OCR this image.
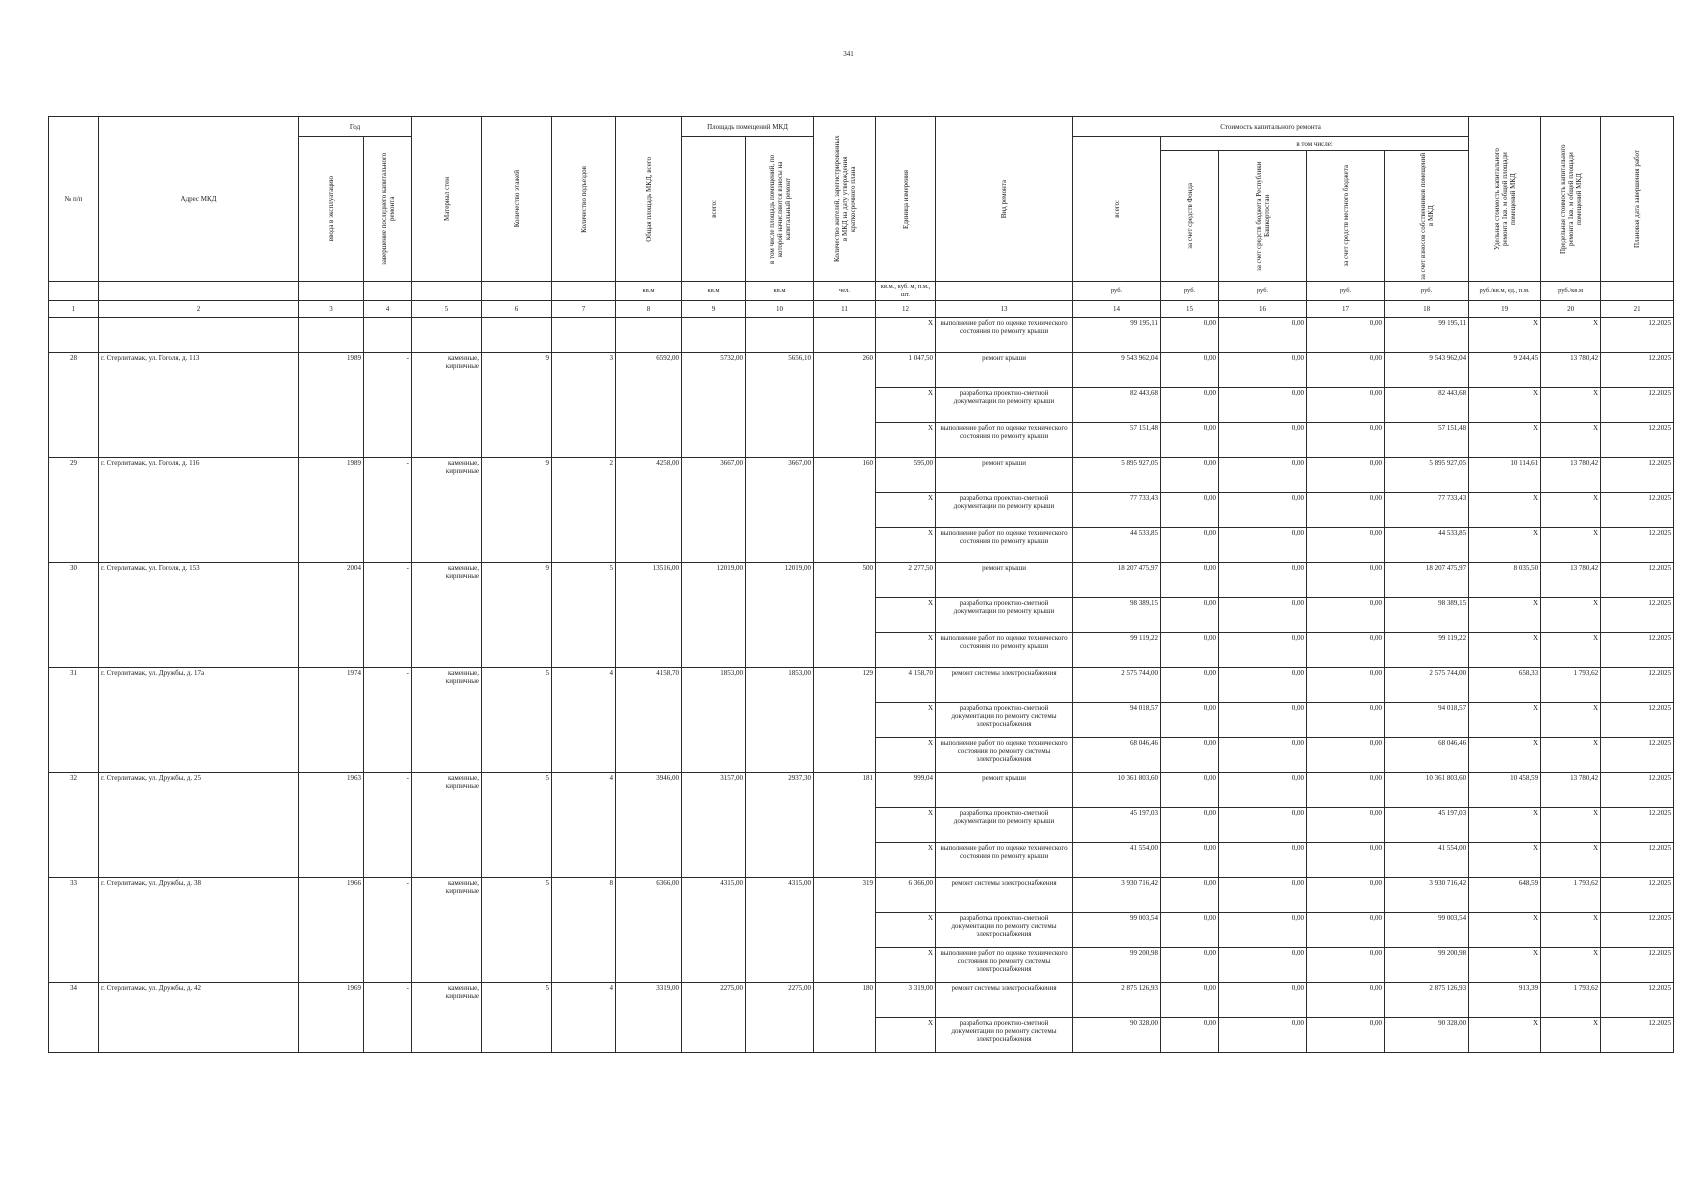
341
№ п/п	Адрес МКД	Год		Материал стен	Количество этажей	Количество подъездов	Общая площадь МКД, всего	Площадь помещений МКД		Количество жителей, зарегистрированных в МКД на дату утверждения краткосрочного плана	Единица измерения	Вид ремонта	Стоимость капитального ремонта					Удельная стоимость капитального ремонта 1кв. м общей площади помещений МКД	Предельная стоимость капитального ремонта 1кв. м общей площади помещений МКД	Плановая дата завершения работ

		ввода в эксплуатацию	завершение последнего капитального ремонта					всего:	в том числе площадь помещений, по которой начисляются взносы на капитальный ремонт				всего:	в том числе:						

														за счет средств Фонда	за счет средств бюджета Республики Башкортостан	за счет средств местного бюджета	за счет взносов собственников помещений в МКД			

							кв.м	кв.м	кв.м	чел.	кв.м., куб. м, п.м., шт.		руб.	руб.	руб.	руб.	руб.	руб./кв.м, ед., п.м.	руб./кв.м	
1	2	3	4	5	6	7	8	9	10	11	12	13	14	15	16	17	18	19	20	21
											X	выполнение работ по оценке технического состояния по ремонту крыши	99 195,11	0,00	0,00	0,00	99 195,11	X	X	12.2025
28	г. Стерлитамак, ул. Гоголя, д. 113	1989	-	каменные, кирпичные	9	3	6592,00	5732,00	5656,10	260	1 047,50	ремонт крыши	9 543 962,04	0,00	0,00	0,00	9 543 962,04	9 244,45	13 780,42	12.2025
											X	разработка проектно-сметной документации по ремонту крыши	82 443,68	0,00	0,00	0,00	82 443,68	X	X	12.2025
											X	выполнение работ по оценке технического состояния по ремонту крыши	57 151,48	0,00	0,00	0,00	57 151,48	X	X	12.2025
29	г. Стерлитамак, ул. Гоголя, д. 116	1989	-	каменные, кирпичные	9	2	4258,00	3667,00	3667,00	160	595,00	ремонт крыши	5 895 927,05	0,00	0,00	0,00	5 895 927,05	10 114,61	13 780,42	12.2025
											X	разработка проектно-сметной документации по ремонту крыши	77 733,43	0,00	0,00	0,00	77 733,43	X	X	12.2025
											X	выполнение работ по оценке технического состояния по ремонту крыши	44 533,85	0,00	0,00	0,00	44 533,85	X	X	12.2025
30	г. Стерлитамак, ул. Гоголя, д. 153	2004	-	каменные, кирпичные	9	5	13516,00	12019,00	12019,00	500	2 277,50	ремонт крыши	18 207 475,97	0,00	0,00	0,00	18 207 475,97	8 035,50	13 780,42	12.2025
											X	разработка проектно-сметной документации по ремонту крыши	98 389,15	0,00	0,00	0,00	98 389,15	X	X	12.2025
											X	выполнение работ по оценке технического состояния по ремонту крыши	99 119,22	0,00	0,00	0,00	99 119,22	X	X	12.2025
31	г. Стерлитамак, ул. Дружбы, д. 17а	1974	-	каменные, кирпичные	5	4	4158,70	1853,00	1853,00	129	4 158,70	ремонт системы электроснабжения	2 575 744,00	0,00	0,00	0,00	2 575 744,00	658,33	1 793,62	12.2025
											X	разработка проектно-сметной документации по ремонту системы электроснабжения	94 018,57	0,00	0,00	0,00	94 018,57	X	X	12.2025
											X	выполнение работ по оценке технического состояния по ремонту системы электроснабжения	68 046,46	0,00	0,00	0,00	68 046,46	X	X	12.2025
32	г. Стерлитамак, ул. Дружбы, д. 25	1963	-	каменные, кирпичные	5	4	3946,00	3157,00	2937,30	181	999,04	ремонт крыши	10 361 803,60	0,00	0,00	0,00	10 361 803,60	10 458,59	13 780,42	12.2025
											X	разработка проектно-сметной документации по ремонту крыши	45 197,03	0,00	0,00	0,00	45 197,03	X	X	12.2025
											X	выполнение работ по оценке технического состояния по ремонту крыши	41 554,00	0,00	0,00	0,00	41 554,00	X	X	12.2025
33	г. Стерлитамак, ул. Дружбы, д. 38	1966	-	каменные, кирпичные	5	8	6366,00	4315,00	4315,00	319	6 366,00	ремонт системы электроснабжения	3 930 716,42	0,00	0,00	0,00	3 930 716,42	648,59	1 793,62	12.2025
											X	разработка проектно-сметной документации по ремонту системы электроснабжения	99 003,54	0,00	0,00	0,00	99 003,54	X	X	12.2025
											X	выполнение работ по оценке технического состояния по ремонту системы электроснабжения	99 200,98	0,00	0,00	0,00	99 200,98	X	X	12.2025
34	г. Стерлитамак, ул. Дружбы, д. 42	1969	-	каменные, кирпичные	5	4	3319,00	2275,00	2275,00	180	3 319,00	ремонт системы электроснабжения	2 875 126,93	0,00	0,00	0,00	2 875 126,93	913,39	1 793,62	12.2025
											X	разработка проектно-сметной документации по ремонту системы электроснабжения	90 328,00	0,00	0,00	0,00	90 328,00	X	X	12.2025
